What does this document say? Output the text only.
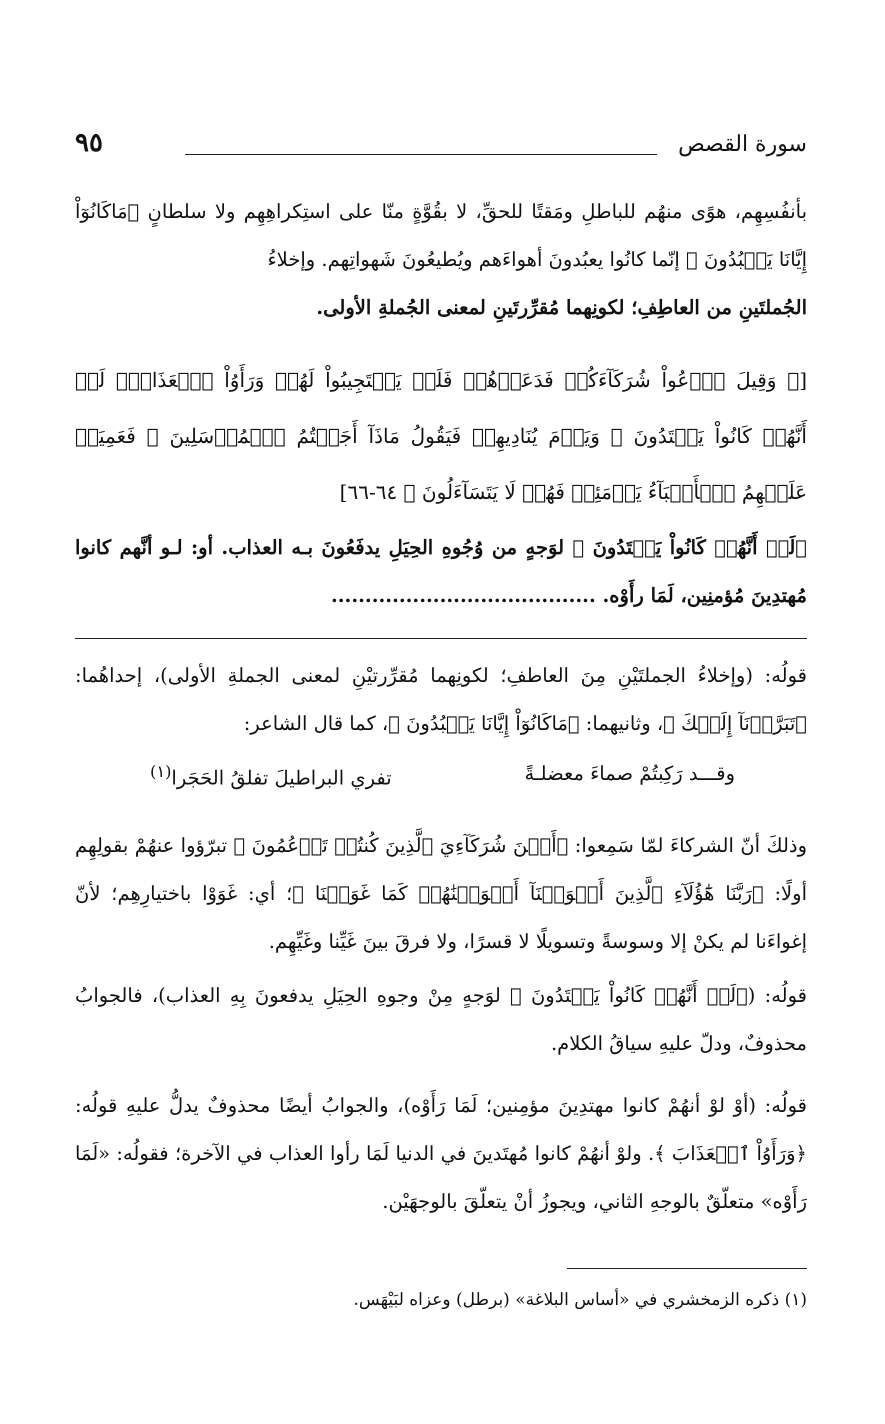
سورة القصص
٩٥

بأنفُسِهِم، هوًى منهُم للباطلِ ومَقتًا للحقِّ، لا بقُوَّةٍ منّا على استِكراهِهِم ولا سلطانٍ ﴿مَاكَانُوٓاْ إِيَّانَا يَعۡبُدُونَ ﴾ إنّما كانُوا يعبُدونَ أهواءَهم ويُطيعُونَ شَهواتِهم. وإخلاءُ

الجُملتَينِ من العاطِفِ؛ لكونِهما مُقرِّرتَينِ لمعنى الجُملةِ الأولى.

[﴿ وَقِيلَ ٱدۡعُواْ شُرَكَآءَكُمۡ فَدَعَوۡهُمۡ فَلَمۡ يَسۡتَجِيبُواْ لَهُمۡ وَرَأَوُاْ ٱلۡعَذَابَۚ لَوۡ أَنَّهُمۡ كَانُواْ يَهۡتَدُونَ ۞ وَيَوۡمَ يُنَادِيهِمۡ فَيَقُولُ مَاذَآ أَجَبۡتُمُ ٱلۡمُرۡسَلِينَ ۞ فَعَمِيَتۡ عَلَيۡهِمُ ٱلۡأَنۢبَآءُ يَوۡمَئِذٖ فَهُمۡ لَا يَتَسَآءَلُونَ ﴾ ٦٤-٦٦]

﴿لَوۡ أَنَّهُمۡ كَانُواْ يَهۡتَدُونَ ﴾ لوَجهٍ من وُجُوهِ الحِيَلِ يدفَعُونَ بـه العذاب. أو: لـو أنَّهم كانوا مُهتدِينَ مُؤمنِين، لَمَا رأَوْه. .......................................

قولُه: (وإخلاءُ الجملتَيْنِ مِنَ العاطفِ؛ لكونِهما مُقرِّرتيْنِ لمعنى الجملةِ الأولى)، إحداهُما: ﴿تَبَرَّأۡنَآ إِلَيۡكَ ﴾، وثانيهما: ﴿مَاكَانُوٓاْ إِيَّانَا يَعۡبُدُونَ ﴾، كما قال الشاعر:

وقـــد رَكِبتُمْ صماءَ معضلـةً
تفري البراطيلَ تفلقُ الحَجَرا$^{(١)}$

وذلكَ أنّ الشركاءَ لمّا سَمِعوا: ﴿أَيۡنَ شُرَكَآءِيَ ٱلَّذِينَ كُنتُمۡ تَزۡعُمُونَ ﴾ تبرّؤوا عنهُمْ بقولِهِم أولًا: ﴿رَبَّنَا هَٰٓؤُلَآءِ ٱلَّذِينَ أَغۡوَيۡنَآ أَغۡوَيۡنَٰهُمۡ كَمَا غَوَيۡنَا ﴾؛ أي: غَوَوْا باختيارِهِم؛ لأنّ إغواءَنا لم يكنْ إلا وسوسةً وتسويلًا لا قسرًا، ولا فرقَ بينَ غَيِّنا وغَيِّهِم.

قولُه: (﴿لَوۡ أَنَّهُمۡ كَانُواْ يَهۡتَدُونَ ﴾ لوَجهٍ مِنْ وجوهِ الحِيَلِ يدفعونَ بِهِ العذاب)، فالجوابُ محذوفٌ، ودلّ عليهِ سياقُ الكلام.

قولُه: (أوْ لوْ أنهُمْ كانوا مهتدِينَ مؤمِنين؛ لَمَا رَأَوْه)، والجوابُ أيضًا محذوفٌ يدلُّ عليهِ قولُه: ﴿وَرَأَوُاْ ٱلۡعَذَابَ ﴾. ولوْ أنهُمْ كانوا مُهتَدينَ في الدنيا لَمَا رأوا العذاب في الآخرة؛ فقولُه: «لَمَا رَأَوْه» متعلّقٌ بالوجهِ الثاني، ويجوزُ أنْ يتعلّقَ بالوجهَيْن.

(١) ذكره الزمخشري في «أساس البلاغة» (برطل) وعزاه لبَيْهَس.
